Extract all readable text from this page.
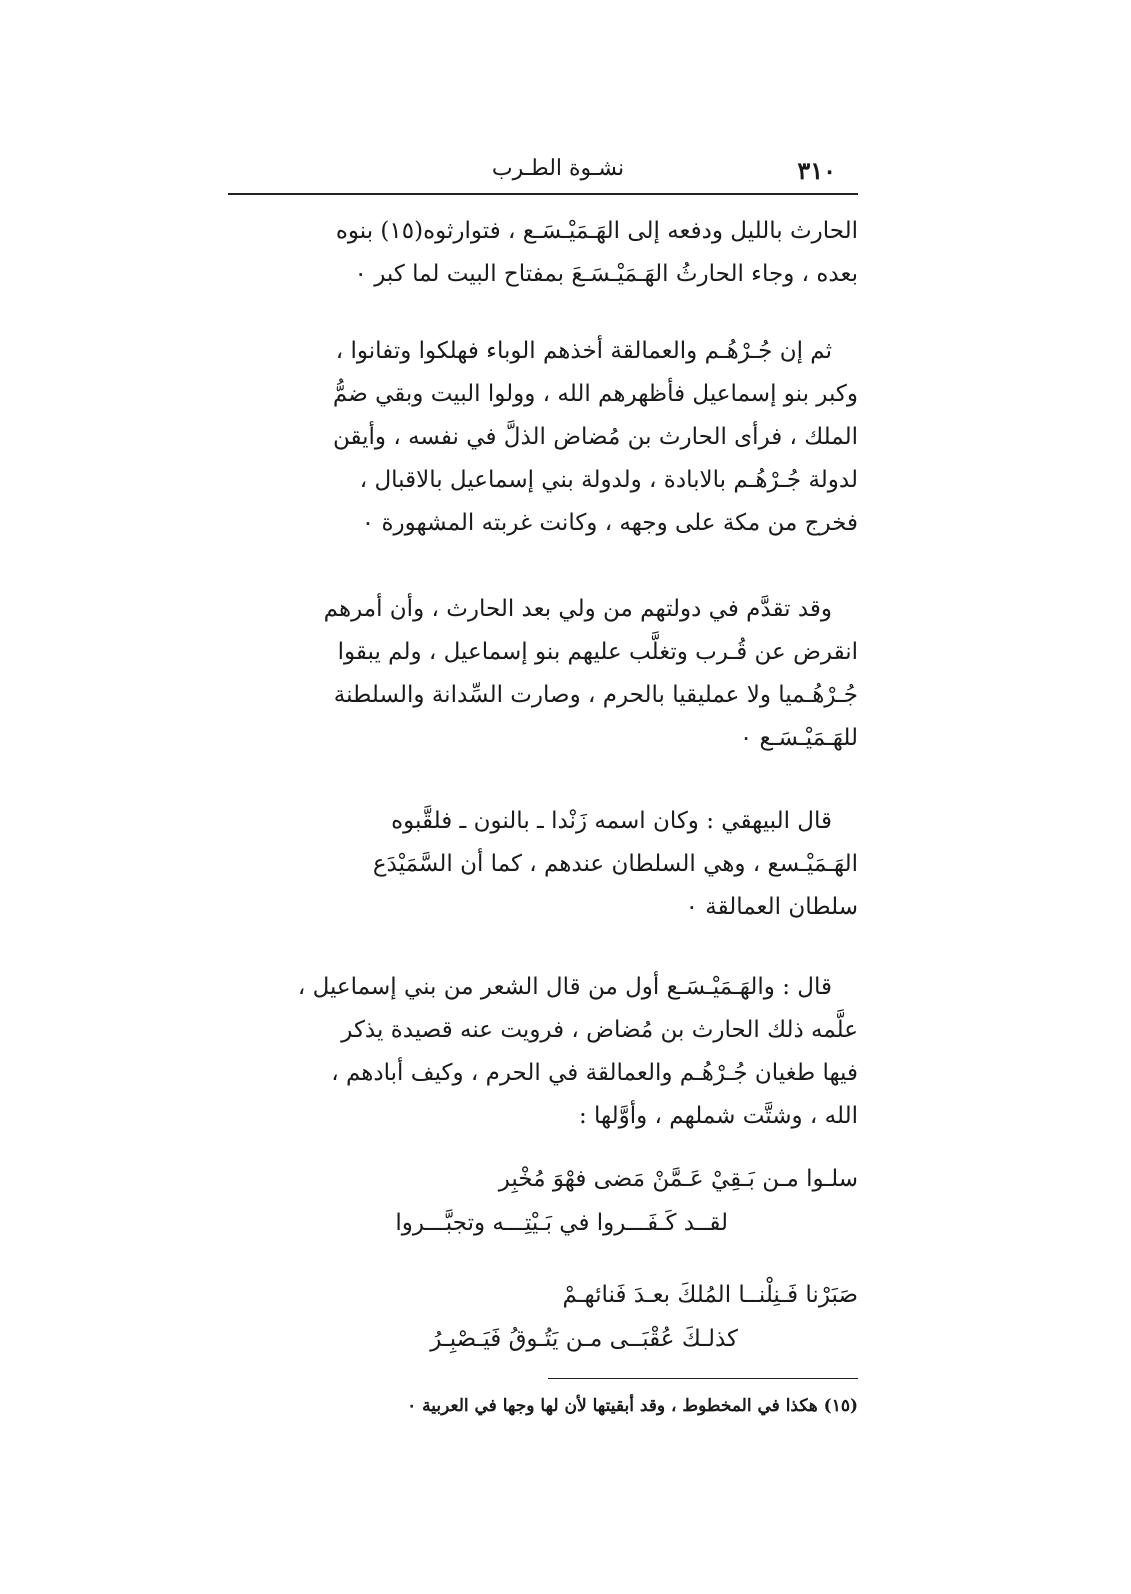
٣١٠
نشـوة الطـرب

الحارث بالليل ودفعه إلى الهَـمَيْـسَـع ، فتوارثوه(١٥) بنوه
بعده ، وجاء الحارثُ الهَـمَيْـسَـعَ بمفتاح البيت لما كبر ٠

ثم إن جُـرْهُـم والعمالقة أخذهم الوباء فهلكوا وتفانوا ،
وكبر بنو إسماعيل فأظهرهم الله ، وولوا البيت وبقي ضمُّ
الملك ، فرأى الحارث بن مُضاض الذلَّ في نفسه ، وأيقن
لدولة جُـرْهُـم بالابادة ، ولدولة بني إسماعيل بالاقبال ،
فخرج من مكة على وجهه ، وكانت غربته المشهورة ٠

وقد تقدَّم في دولتهم من ولي بعد الحارث ، وأن أمرهم
انقرض عن قُـرب وتغلَّب عليهم بنو إسماعيل ، ولم يبقوا
جُـرْهُـميا ولا عمليقيا بالحرم ، وصارت السِّدانة والسلطنة
للهَـمَيْـسَـع ٠

قال البيهقي : وكان اسمه زَنْدا ـ بالنون ـ فلقَّبوه
الهَـمَيْـسع ، وهي السلطان عندهم ، كما أن السَّمَيْدَع
سلطان العمالقة ٠

قال : والهَـمَيْـسَـع أول من قال الشعر من بني إسماعيل ،
علَّمه ذلك الحارث بن مُضاض ، فرويت عنه قصيدة يذكر
فيها طغيان جُـرْهُـم والعمالقة في الحرم ، وكيف أبادهم ،
الله ، وشتَّت شملهم ، وأوَّلها :

سلـوا مـن بَـقِيْ عَـمَّنْ مَضى فهْوَ مُخْبِر
لقــد كَـفَـــروا في بَـيْتِـــه وتجبَّـــروا
صَبَرْنا فَـنِلْنــا المُلكَ بعـدَ فَنائهـمْ
كذلـكَ عُقْبَــى مـن يَتُـوقُ فَيَـصْبِـرُ
(١٥) هكذا في المخطوط ، وقد أبقيتها لأن لها وجها في العربية ٠
